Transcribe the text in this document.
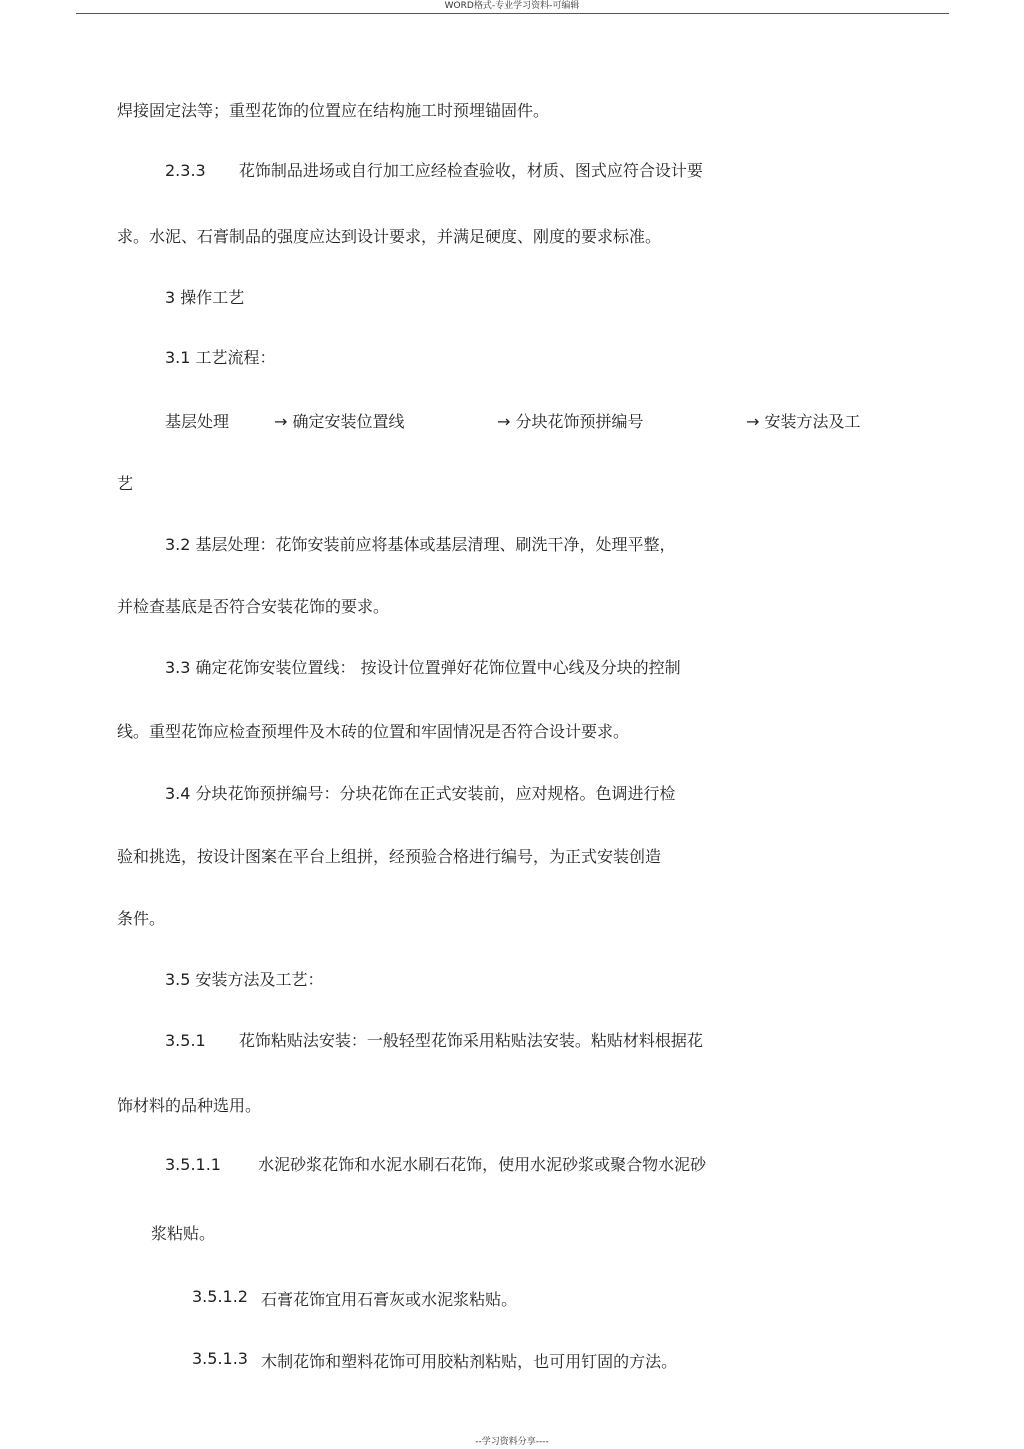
WORD格式-专业学习资料-可编辑
焊接固定法等；重型花饰的位置应在结构施工时预埋锚固件。
2.3.3 花饰制品进场或自行加工应经检查验收，材质、图式应符合设计要
求。水泥、石膏制品的强度应达到设计要求，并满足硬度、刚度的要求标准。
3 操作工艺
3.1 工艺流程：
基层处理	→ 确定安装位置线	→ 分块花饰预拼编号	→ 安装方法及工
艺
3.2 基层处理：花饰安装前应将基体或基层清理、刷洗干净，处理平整，
并检查基底是否符合安装花饰的要求。
3.3 确定花饰安装位置线： 按设计位置弹好花饰位置中心线及分块的控制
线。重型花饰应检查预埋件及木砖的位置和牢固情况是否符合设计要求。
3.4 分块花饰预拼编号：分块花饰在正式安装前，应对规格。色调进行检
验和挑选，按设计图案在平台上组拼，经预验合格进行编号，为正式安装创造
条件。
3.5 安装方法及工艺：
3.5.1 花饰粘贴法安装：一般轻型花饰采用粘贴法安装。粘贴材料根据花
饰材料的品种选用。
3.5.1.1 水泥砂浆花饰和水泥水刷石花饰，使用水泥砂浆或聚合物水泥砂
浆粘贴。
3.5.1.2 石膏花饰宜用石膏灰或水泥浆粘贴。
3.5.1.3 木制花饰和塑料花饰可用胶粘剂粘贴，也可用钉固的方法。
--学习资料分享----
